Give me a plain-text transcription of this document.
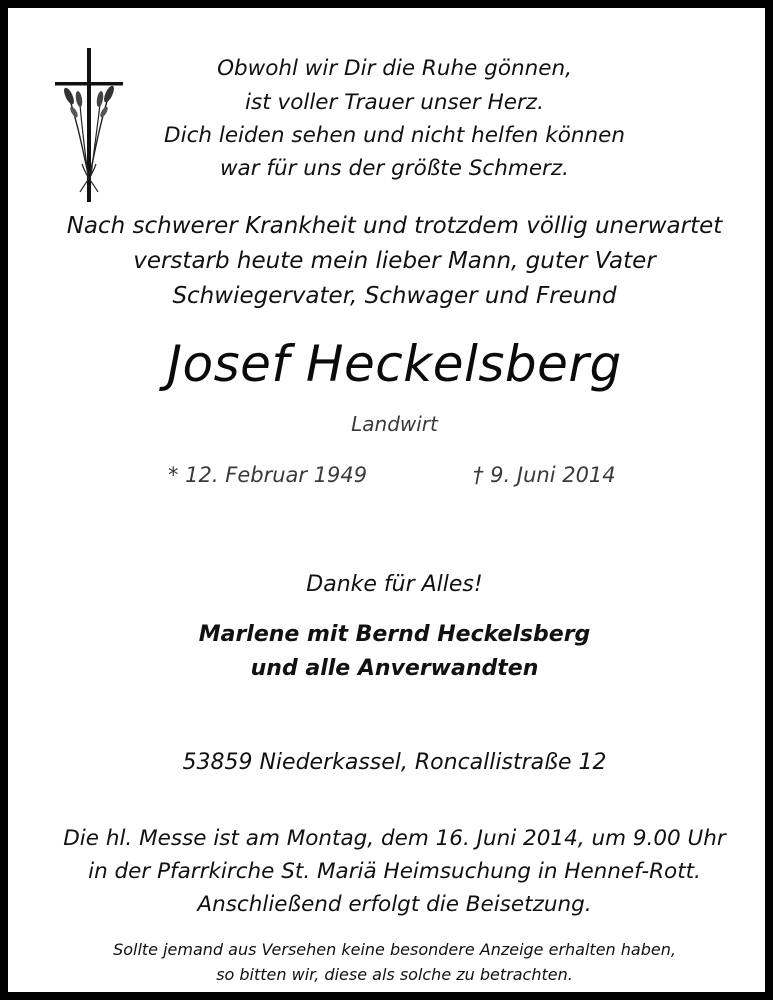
Obwohl wir Dir die Ruhe gönnen,
ist voller Trauer unser Herz.
Dich leiden sehen und nicht helfen können
war für uns der größte Schmerz.
Nach schwerer Krankheit und trotzdem völlig unerwartet
verstarb heute mein lieber Mann, guter Vater
Schwiegervater, Schwager und Freund
Josef Heckelsberg
Landwirt
* 12. Februar 1949	† 9. Juni 2014
Danke für Alles!
Marlene mit Bernd Heckelsberg
und alle Anverwandten
53859 Niederkassel, Roncallistraße 12
Die hl. Messe ist am Montag, dem 16. Juni 2014, um 9.00 Uhr
in der Pfarrkirche St. Mariä Heimsuchung in Hennef-Rott.
Anschließend erfolgt die Beisetzung.
Sollte jemand aus Versehen keine besondere Anzeige erhalten haben,
so bitten wir, diese als solche zu betrachten.
